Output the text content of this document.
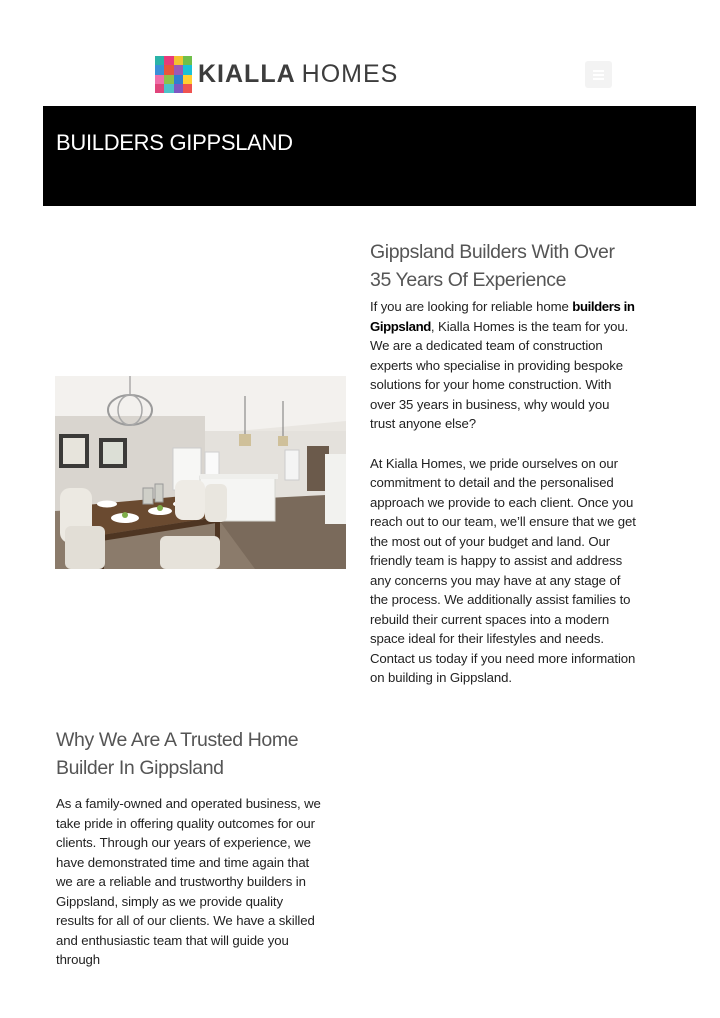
KIALLA HOMES
BUILDERS GIPPSLAND
Gippsland Builders With Over 35 Years Of Experience

If you are looking for reliable home builders in Gippsland, Kialla Homes is the team for you. We are a dedicated team of construction experts who specialise in providing bespoke solutions for your home construction. With over 35 years in business, why would you trust anyone else?

At Kialla Homes, we pride ourselves on our commitment to detail and the personalised approach we provide to each client. Once you reach out to our team, we’ll ensure that we get the most out of your budget and land. Our friendly team is happy to assist and address any concerns you may have at any stage of the process. We additionally assist families to rebuild their current spaces into a modern space ideal for their lifestyles and needs. Contact us today if you need more information on building in Gippsland.

Why We Are A Trusted Home Builder In Gippsland

As a family-owned and operated business, we take pride in offering quality outcomes for our clients. Through our years of experience, we have demonstrated time and time again that we are a reliable and trustworthy builders in Gippsland, simply as we provide quality results for all of our clients. We have a skilled and enthusiastic team that will guide you through
